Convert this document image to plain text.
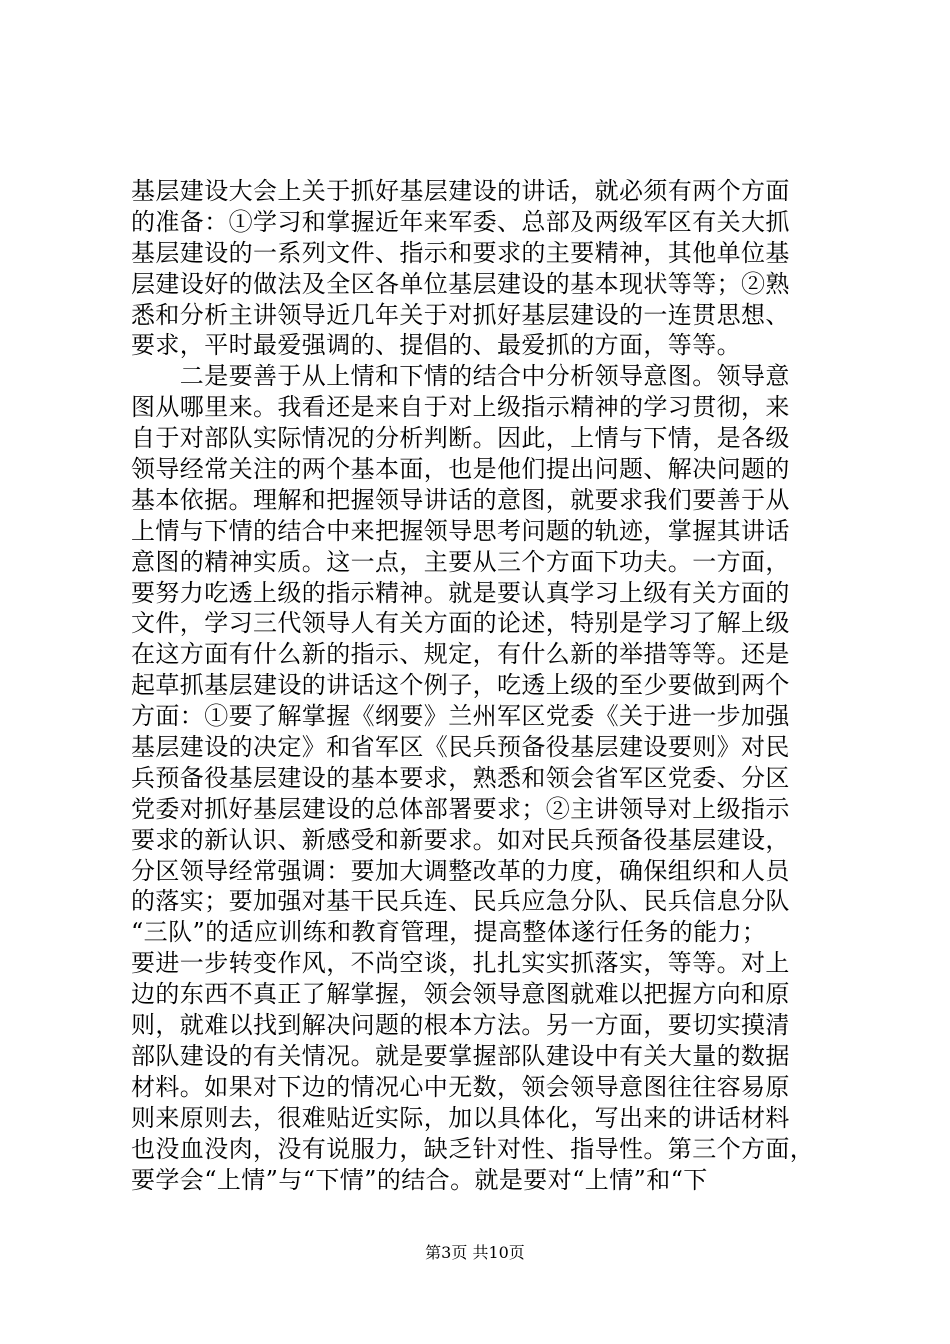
基层建设大会上关于抓好基层建设的讲话，就必须有两个方面
的准备：①学习和掌握近年来军委、总部及两级军区有关大抓
基层建设的一系列文件、指示和要求的主要精神，其他单位基
层建设好的做法及全区各单位基层建设的基本现状等等；②熟
悉和分析主讲领导近几年关于对抓好基层建设的一连贯思想、
要求，平时最爱强调的、提倡的、最爱抓的方面，等等。
　　二是要善于从上情和下情的结合中分析领导意图。领导意
图从哪里来。我看还是来自于对上级指示精神的学习贯彻，来
自于对部队实际情况的分析判断。因此，上情与下情，是各级
领导经常关注的两个基本面，也是他们提出问题、解决问题的
基本依据。理解和把握领导讲话的意图，就要求我们要善于从
上情与下情的结合中来把握领导思考问题的轨迹，掌握其讲话
意图的精神实质。这一点，主要从三个方面下功夫。一方面，
要努力吃透上级的指示精神。就是要认真学习上级有关方面的
文件，学习三代领导人有关方面的论述，特别是学习了解上级
在这方面有什么新的指示、规定，有什么新的举措等等。还是
起草抓基层建设的讲话这个例子，吃透上级的至少要做到两个
方面：①要了解掌握《纲要》兰州军区党委《关于进一步加强
基层建设的决定》和省军区《民兵预备役基层建设要则》对民
兵预备役基层建设的基本要求，熟悉和领会省军区党委、分区
党委对抓好基层建设的总体部署要求；②主讲领导对上级指示
要求的新认识、新感受和新要求。如对民兵预备役基层建设，
分区领导经常强调：要加大调整改革的力度，确保组织和人员
的落实；要加强对基干民兵连、民兵应急分队、民兵信息分队
“三队”的适应训练和教育管理，提高整体遂行任务的能力；
要进一步转变作风，不尚空谈，扎扎实实抓落实，等等。对上
边的东西不真正了解掌握，领会领导意图就难以把握方向和原
则，就难以找到解决问题的根本方法。另一方面，要切实摸清
部队建设的有关情况。就是要掌握部队建设中有关大量的数据
材料。如果对下边的情况心中无数，领会领导意图往往容易原
则来原则去，很难贴近实际，加以具体化，写出来的讲话材料
也没血没肉，没有说服力，缺乏针对性、指导性。第三个方面，
要学会“上情”与“下情”的结合。就是要对“上情”和“下
第3页 共10页
